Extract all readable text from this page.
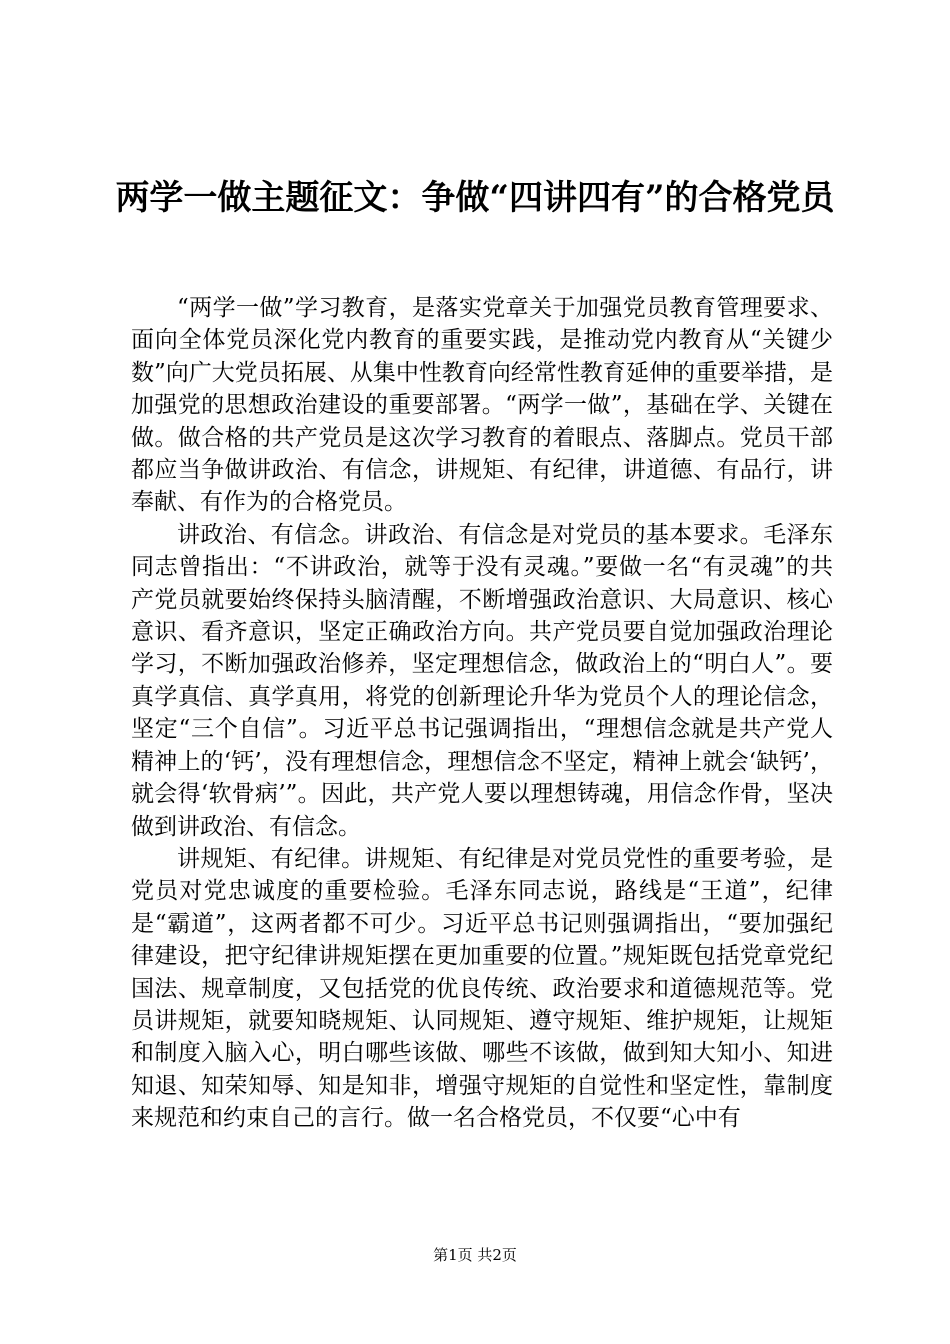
两学一做主题征文：争做“四讲四有”的合格党员

“两学一做”学习教育，是落实党章关于加强党员教育管理要求、面向全体党员深化党内教育的重要实践，是推动党内教育从“关键少数”向广大党员拓展、从集中性教育向经常性教育延伸的重要举措，是加强党的思想政治建设的重要部署。“两学一做”，基础在学、关键在做。做合格的共产党员是这次学习教育的着眼点、落脚点。党员干部都应当争做讲政治、有信念，讲规矩、有纪律，讲道德、有品行，讲奉献、有作为的合格党员。

讲政治、有信念。讲政治、有信念是对党员的基本要求。毛泽东同志曾指出：“不讲政治，就等于没有灵魂。”要做一名“有灵魂”的共产党员就要始终保持头脑清醒，不断增强政治意识、大局意识、核心意识、看齐意识，坚定正确政治方向。共产党员要自觉加强政治理论学习，不断加强政治修养，坚定理想信念，做政治上的“明白人”。要真学真信、真学真用，将党的创新理论升华为党员个人的理论信念，坚定“三个自信”。习近平总书记强调指出，“理想信念就是共产党人精神上的‘钙’，没有理想信念，理想信念不坚定，精神上就会‘缺钙’，就会得‘软骨病’”。因此，共产党人要以理想铸魂，用信念作骨，坚决做到讲政治、有信念。

讲规矩、有纪律。讲规矩、有纪律是对党员党性的重要考验，是党员对党忠诚度的重要检验。毛泽东同志说，路线是“王道”，纪律是“霸道”，这两者都不可少。习近平总书记则强调指出，“要加强纪律建设，把守纪律讲规矩摆在更加重要的位置。”规矩既包括党章党纪国法、规章制度，又包括党的优良传统、政治要求和道德规范等。党员讲规矩，就要知晓规矩、认同规矩、遵守规矩、维护规矩，让规矩和制度入脑入心，明白哪些该做、哪些不该做，做到知大知小、知进知退、知荣知辱、知是知非，增强守规矩的自觉性和坚定性，靠制度来规范和约束自己的言行。做一名合格党员，不仅要“心中有

第1页 共2页
